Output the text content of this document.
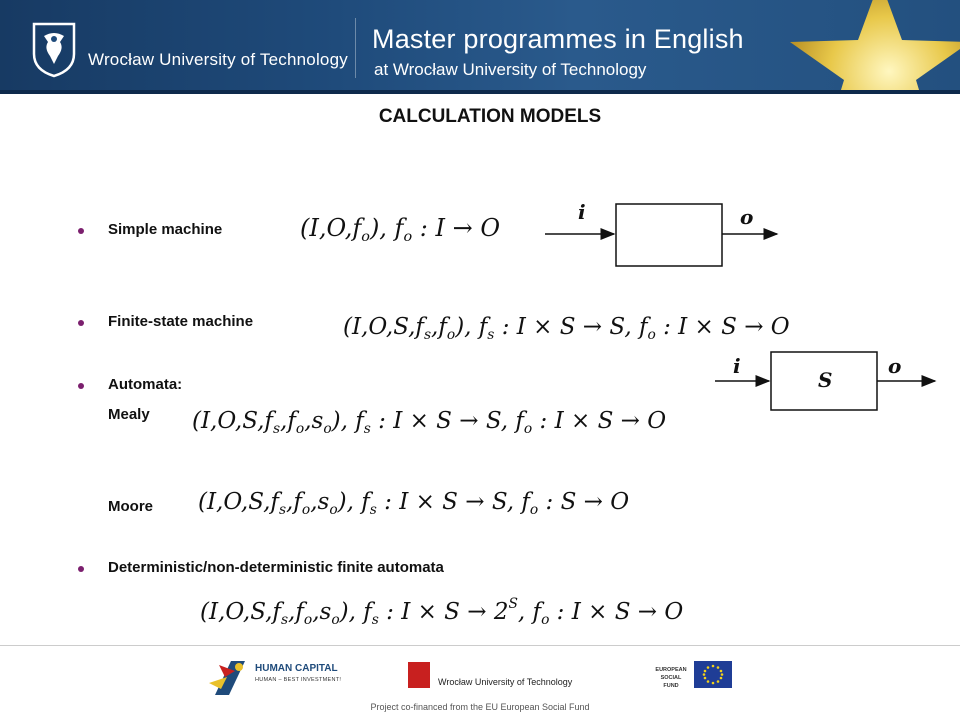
Wrocław University of Technology
Master programmes in English
at Wrocław University of Technology
CALCULATION MODELS
Simple machine	$(I,O,f_o)$, $f_o$ : I → O
i	o
Finite-state machine	$(I,O,S,f_s,f_o)$, $f_s$ : I × S → S, $f_o$ : I × S → O
i
S
o
Automata:
Mealy $(I,O,S,f_s,f_o,s_o)$, $f_s$ : I × S → S, $f_o$ : I × S → O
Moore $(I,O,S,f_s,f_o,s_o)$, $f_s$ : I × S → S, $f_o$ : S → O
Deterministic/non-deterministic finite automata
$(I,O,S,f_s,f_o,s_o)$, $f_s$ : $I \times S \to 2^S$, $f_o$ : I × S → O
HUMAN CAPITAL
HUMAN – BEST INVESTMENT!	Wrocław University of Technology
EUROPEAN SOCIAL FUND
Project co-financed from the EU European Social Fund
